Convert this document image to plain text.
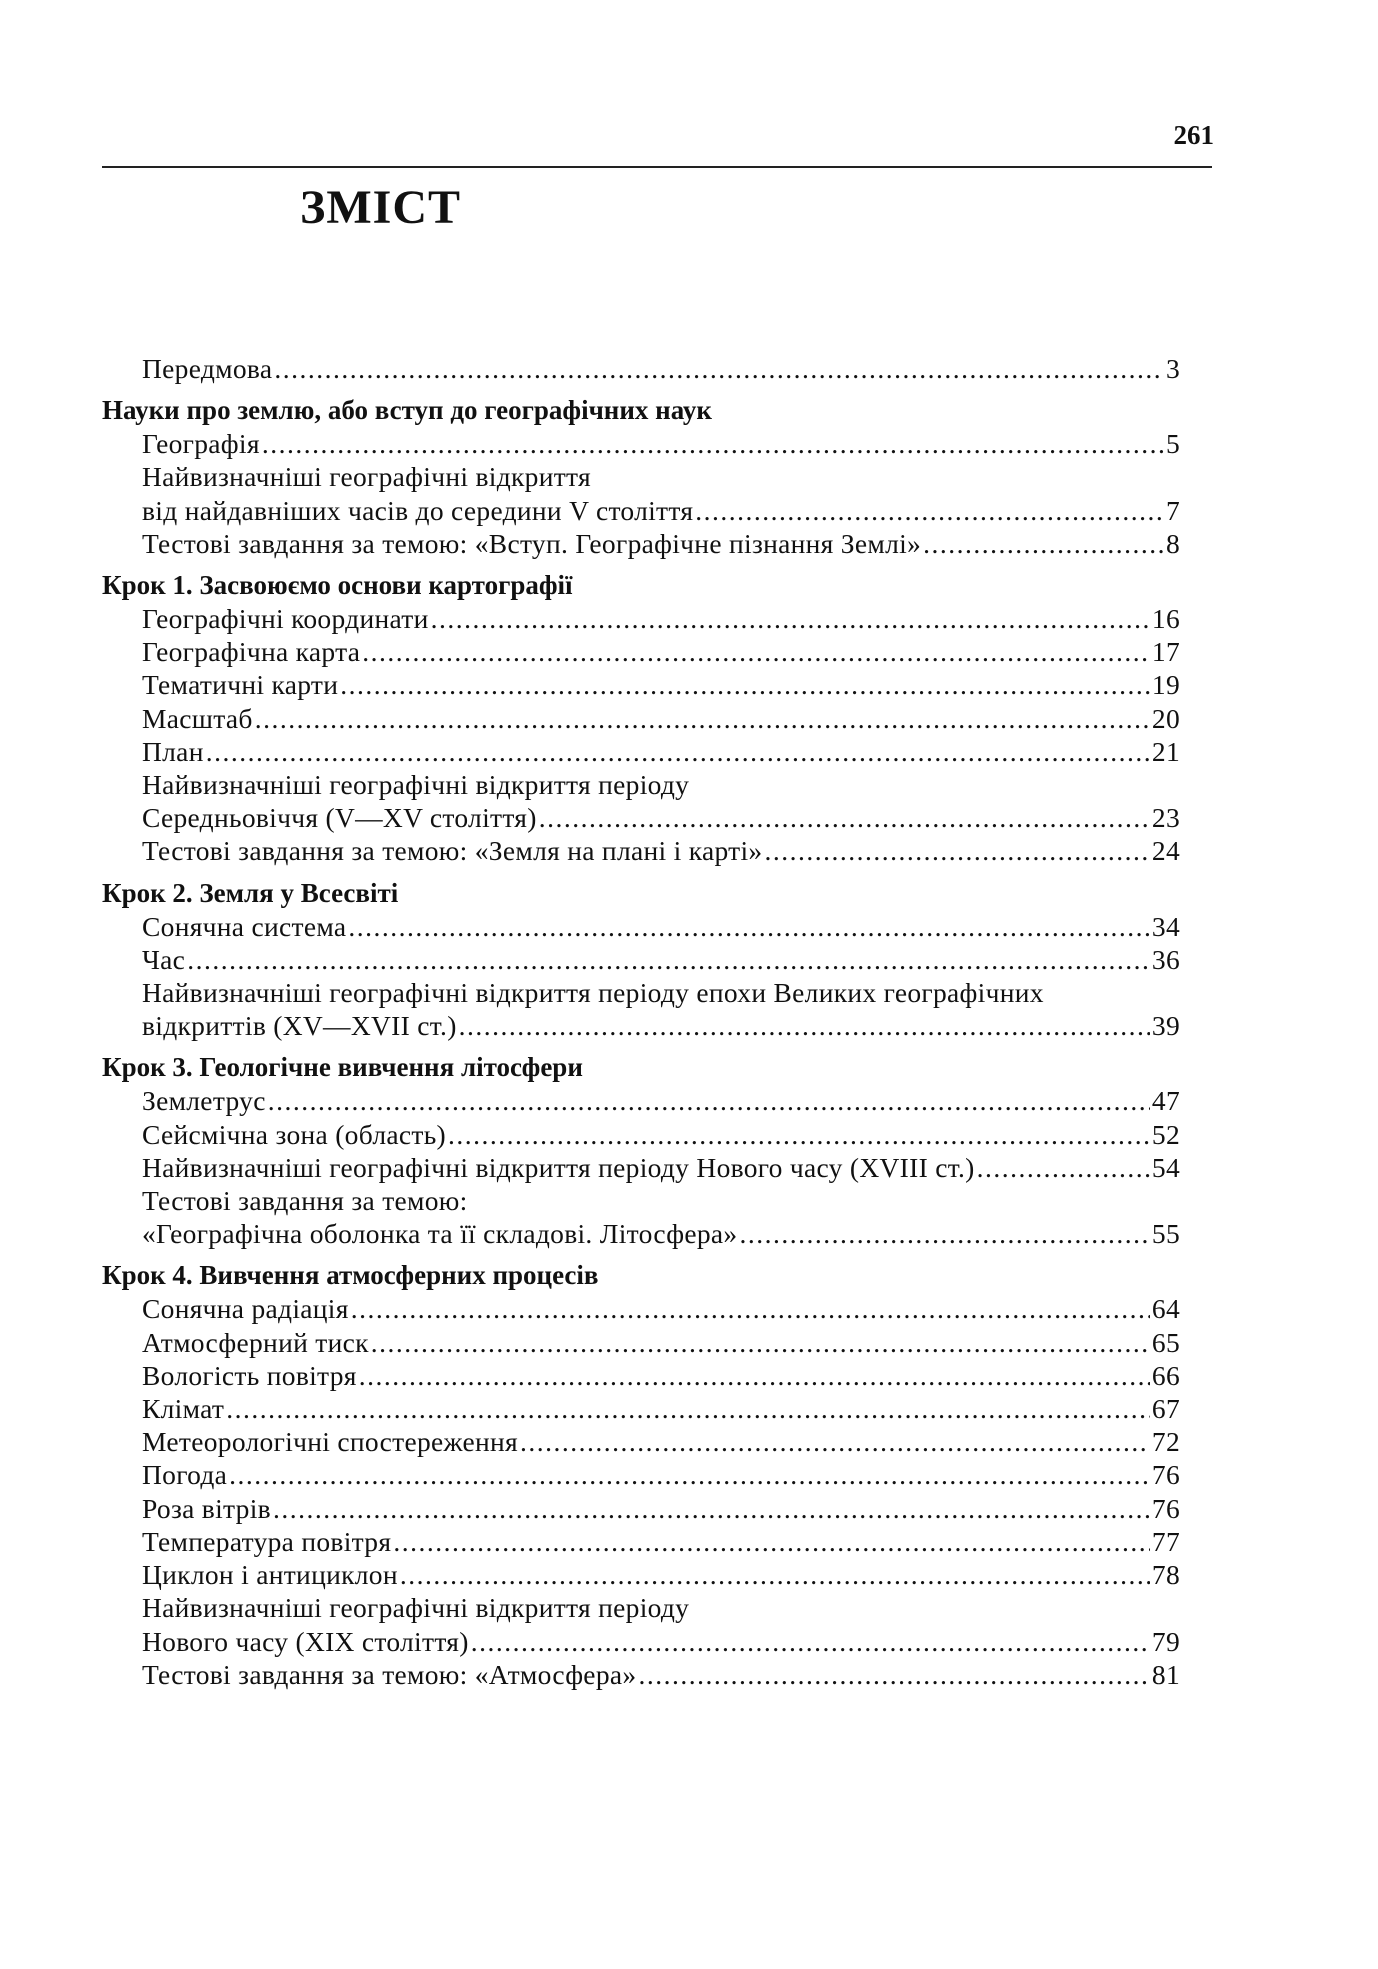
261
ЗМІСТ
Передмова .....	3
Науки про землю, або вступ до географічних наук
Географія .....	5
Найвизначніші географічні відкриття
від найдавніших часів до середини V століття .....	7
Тестові завдання за темою: «Вступ. Географічне пізнання Землі» .....	8
Крок 1. Засвоюємо основи картографії
Географічні координати .....	16
Географічна карта .....	17
Тематичні карти .....	19
Масштаб .....	20
План .....	21
Найвизначніші географічні відкриття періоду
Середньовіччя (V—XV століття) .....	23
Тестові завдання за темою: «Земля на плані і карті» .....	24
Крок 2. Земля у Всесвіті
Сонячна система .....	34
Час .....	36
Найвизначніші географічні відкриття періоду епохи Великих географічних
відкриттів (XV—XVII ст.) .....	39
Крок 3. Геологічне вивчення літосфери
Землетрус .....	47
Сейсмічна зона (область) .....	52
Найвизначніші географічні відкриття періоду Нового часу (XVIII ст.) .....	54
Тестові завдання за темою:
«Географічна оболонка та її складові. Літосфера» .....	55
Крок 4. Вивчення атмосферних процесів
Сонячна радіація .....	64
Атмосферний тиск .....	65
Вологість повітря .....	66
Клімат .....	67
Метеорологічні спостереження .....	72
Погода .....	76
Роза вітрів .....	76
Температура повітря .....	77
Циклон і антициклон .....	78
Найвизначніші географічні відкриття періоду
Нового часу (XIX століття) .....	79
Тестові завдання за темою: «Атмосфера» .....	81
